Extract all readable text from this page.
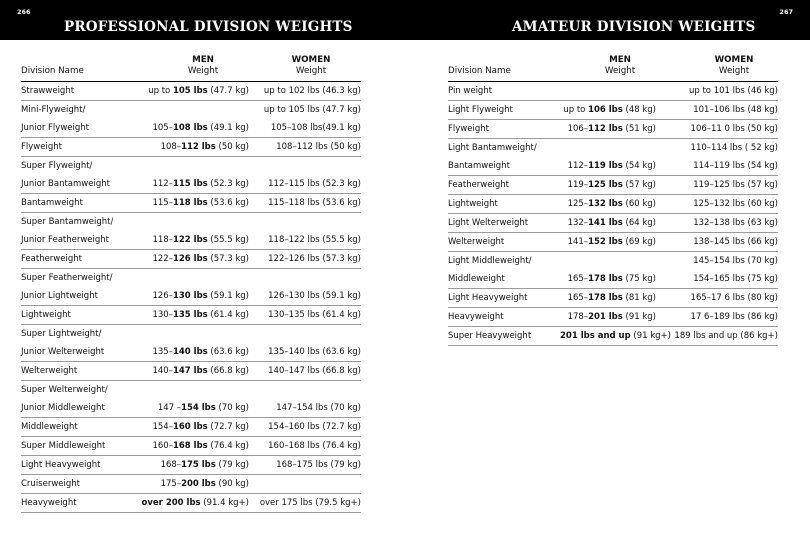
266
PROFESSIONAL DIVISION WEIGHTS
Division Name	MEN
Weight	WOMEN
Weight

Strawweight	up to 105 lbs (47.7 kg)	up to 102 lbs (46.3 kg)
Mini-Flyweight/		up to 105 lbs (47.7 kg)
Junior Flyweight	105–108 lbs (49.1 kg)	105–108 lbs(49.1 kg)
Flyweight	108–112 lbs (50 kg)	108–112 lbs (50 kg)
Super Flyweight/		
Junior Bantamweight	112–115 lbs (52.3 kg)	112–115 lbs (52.3 kg)
Bantamweight	115–118 lbs (53.6 kg)	115–118 lbs (53.6 kg)
Super Bantamweight/		
Junior Featherweight	118–122 lbs (55.5 kg)	118–122 lbs (55.5 kg)
Featherweight	122–126 lbs (57.3 kg)	122–126 lbs (57.3 kg)
Super Featherweight/		
Junior Lightweight	126–130 lbs (59.1 kg)	126–130 lbs (59.1 kg)
Lightweight	130–135 lbs (61.4 kg)	130–135 lbs (61.4 kg)
Super Lightweight/		
Junior Welterweight	135–140 lbs (63.6 kg)	135–140 lbs (63.6 kg)
Welterweight	140–147 lbs (66.8 kg)	140–147 lbs (66.8 kg)
Super Welterweight/		
Junior Middleweight	147 –154 lbs (70 kg)	147–154 lbs (70 kg)
Middleweight	154–160 lbs (72.7 kg)	154–160 lbs (72.7 kg)
Super Middleweight	160–168 lbs (76.4 kg)	160–168 lbs (76.4 kg)
Light Heavyweight	168–175 lbs (79 kg)	168–175 lbs (79 kg)
Cruiserweight	175–200 lbs (90 kg)	
Heavyweight	over 200 lbs (91.4 kg+)	over 175 lbs (79.5 kg+)
267
AMATEUR DIVISION WEIGHTS
Division Name	MEN
Weight	WOMEN
Weight

Pin weight		up to 101 lbs (46 kg)
Light Flyweight	up to 106 lbs (48 kg)	101–106 lbs (48 kg)
Flyweight	106–112 lbs (51 kg)	106–11 0 lbs (50 kg)
Light Bantamweight/		110–114 lbs ( 52 kg)
Bantamweight	112–119 lbs (54 kg)	114–119 lbs (54 kg)
Featherweight	119–125 lbs (57 kg)	119–125 lbs (57 kg)
Lightweight	125–132 lbs (60 kg)	125–132 lbs (60 kg)
Light Welterweight	132–141 lbs (64 kg)	132–138 lbs (63 kg)
Welterweight	141–152 lbs (69 kg)	138–145 lbs (66 kg)
Light Middleweight/		145–154 lbs (70 kg)
Middleweight	165–178 lbs (75 kg)	154–165 lbs (75 kg)
Light Heavyweight	165–178 lbs (81 kg)	165–17 6 lbs (80 kg)
Heavyweight	178–201 lbs (91 kg)	17 6–189 lbs (86 kg)
Super Heavyweight	201 lbs and up (91 kg+)	189 lbs and up (86 kg+)
